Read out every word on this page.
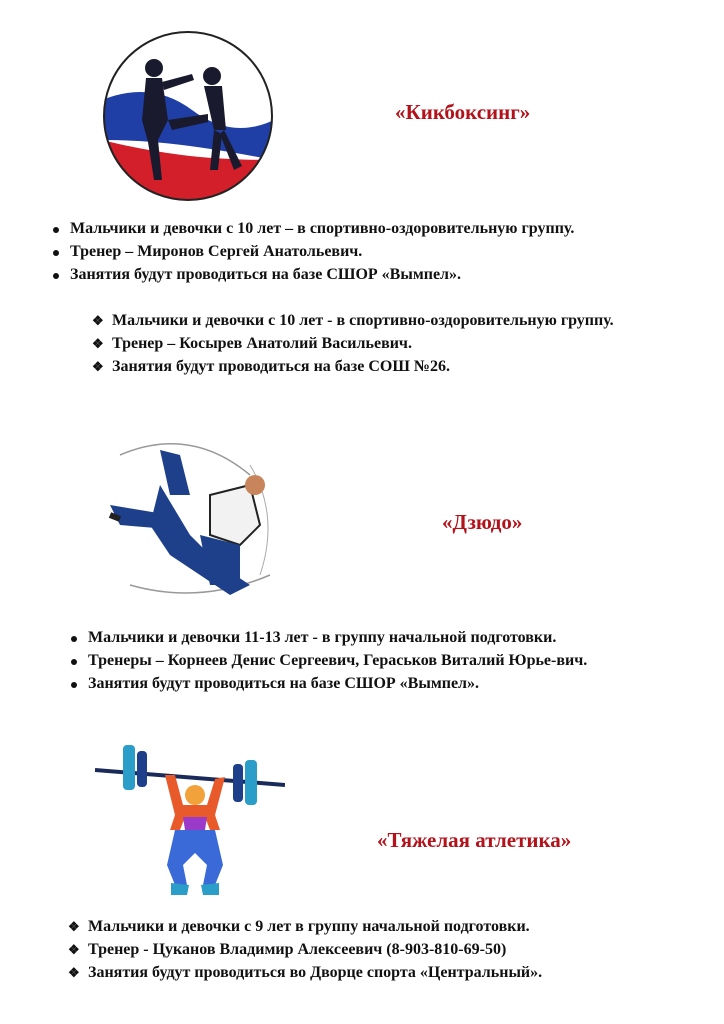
«Кикбоксинг»
Мальчики и девочки с 10 лет – в спортивно-оздоровительную группу.
Тренер – Миронов Сергей Анатольевич.
Занятия будут проводиться на базе СШОР «Вымпел».
❖ Мальчики и девочки с 10 лет - в спортивно-оздоровительную группу.
❖ Тренер – Косырев Анатолий Васильевич.
❖ Занятия будут проводиться на базе СОШ №26.
«Дзюдо»
Мальчики и девочки 11-13 лет - в группу начальной подготовки.
Тренеры – Корнеев Денис Сергеевич, Гераськов Виталий Юрье-вич.
Занятия будут проводиться на базе СШОР «Вымпел».
«Тяжелая атлетика»
❖ Мальчики и девочки с 9 лет в группу начальной подготовки.
❖ Тренер - Цуканов Владимир Алексеевич (8-903-810-69-50)
❖ Занятия будут проводиться во Дворце спорта «Центральный».
